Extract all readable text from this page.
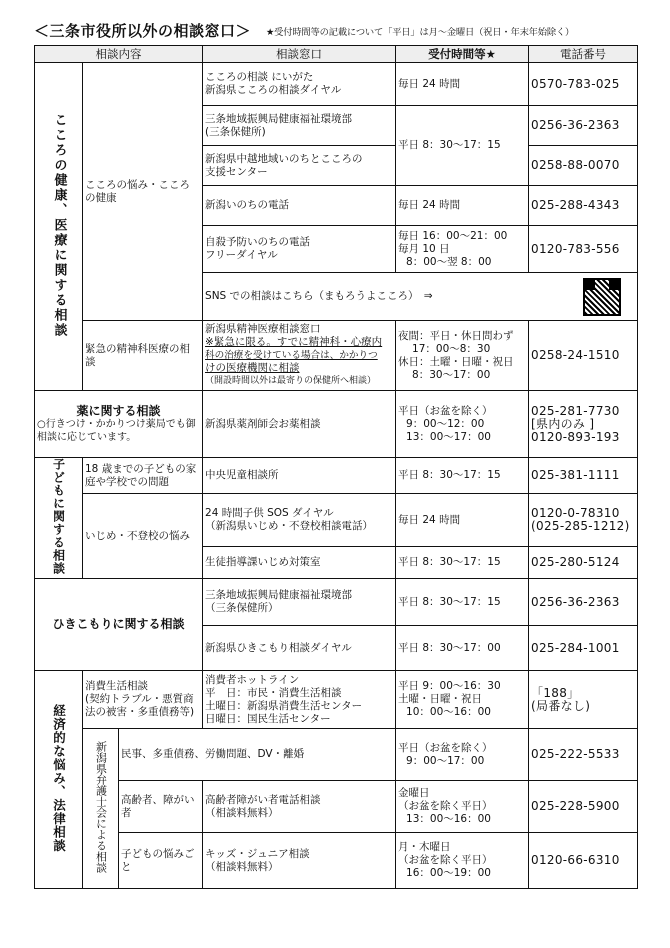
＜三条市役所以外の相談窓口＞ ★受付時間等の記載について「平日」は月～金曜日（祝日・年末年始除く）
相談内容			相談窓口	受付時間等★	電話番号
こころの健康、医療に関する相談	こころの悩み・こころの健康		こころの相談 にいがた
新潟県こころの相談ダイヤル	毎日 24 時間	0570-783-025

			三条地域振興局健康福祉環境部
(三条保健所)	平日 8：30～17：15	0256-36-2363

			新潟県中越地域いのちとこころの
支援センター		0258-88-0070
			新潟いのちの電話	毎日 24 時間	025-288-4343

			自殺予防いのちの電話
フリーダイヤル	毎日 16：00～21：00
毎月 10 日
8：00～翌 8：00	0120-783-556

			SNS での相談はこちら（まもろうよこころ）　⇒		

	緊急の精神科医療の相談		新潟県精神医療相談窓口
※緊急に限る。すでに精神科・心療内
科の治療を受けている場合は、かかりつ
けの医療機関に相談
（開設時間以外は最寄りの保健所へ相談）	夜間：平日・休日問わず
17：00～8：30
休日：土曜・日曜・祝日
8：30～17：00	0258-24-1510

薬に関する相談
○行きつけ・かかりつけ薬局でも御相談に応じています。			新潟県薬剤師会お薬相談	平日（お盆を除く）
9：00～12：00
13：00～17：00	025-281-7730
[県内のみ ]
0120-893-193

子どもに関する相談	18 歳までの子どもの家庭や学校での問題		中央児童相談所	平日 8：30～17：15	025-381-1111
	いじめ・不登校の悩み		24 時間子供 SOS ダイヤル
（新潟県いじめ・不登校相談電話）	毎日 24 時間	0120-0-78310
(025-285-1212)

			生徒指導課いじめ対策室	平日 8：30～17：15	025-280-5124
ひきこもりに関する相談			三条地域振興局健康福祉環境部
（三条保健所）	平日 8：30～17：15	0256-36-2363
			新潟県ひきこもり相談ダイヤル	平日 8：30～17：00	025-284-1001
経済的な悩み、法律相談	消費生活相談
(契約トラブル・悪質商法の被害・多重債務等)		消費者ホットライン
平　日：市民・消費生活相談
土曜日：新潟県消費生活センター
日曜日：国民生活センター	平日 9：00～16：30
土曜・日曜・祝日
10：00～16：00	「188」
(局番なし)

	新潟県弁護士会による相談	民事、多重債務、労働問題、DV・離婚		平日（お盆を除く）
9：00～17：00	025-222-5533
		高齢者、障がい者	高齢者障がい者電話相談
（相談料無料）	金曜日
（お盆を除く平日）
13：00～16：00	025-228-5900
		子どもの悩みごと	キッズ・ジュニア相談
（相談料無料）	月・木曜日
（お盆を除く平日）
16：00～19：00	0120-66-6310
